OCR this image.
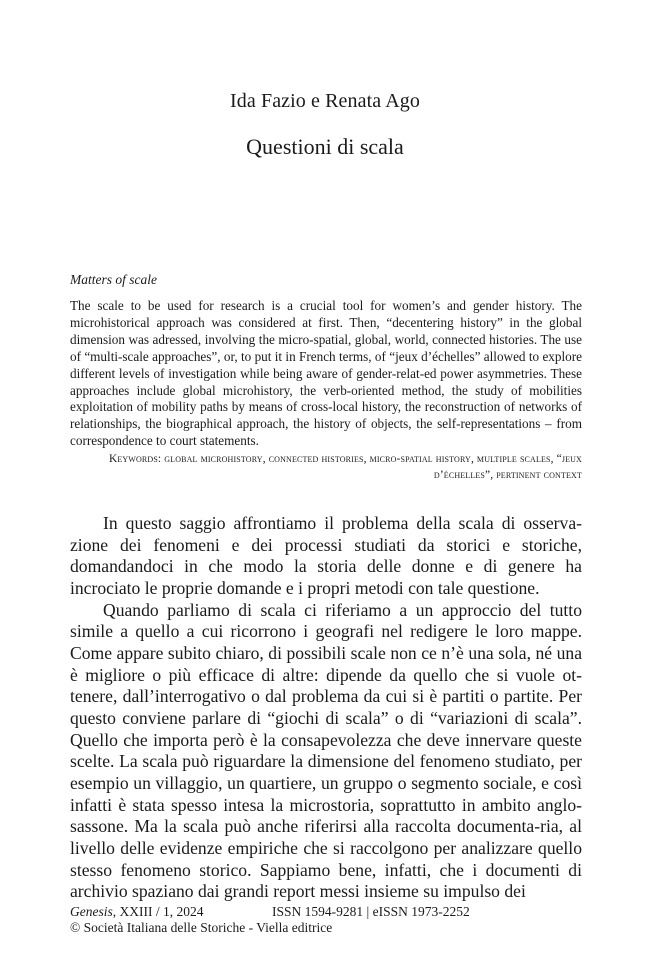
Ida Fazio e Renata Ago
Questioni di scala
Matters of scale

The scale to be used for research is a crucial tool for women’s and gender history. The microhistorical approach was considered at first. Then, “decentering history” in the global dimension was adressed, involving the micro-spatial, global, world, connected histories. The use of “multi-scale approaches”, or, to put it in French terms, of “jeux d’échelles” allowed to explore different levels of investigation while being aware of gender-relat-ed power asymmetries. These approaches include global microhistory, the verb-oriented method, the study of mobilities exploitation of mobility paths by means of cross-local history, the reconstruction of networks of relationships, the biographical approach, the history of objects, the self-representations – from correspondence to court statements.

Keywords: global microhistory, connected histories, micro-spatial history, multiple scales, “jeux d’échelles”, pertinent context

In questo saggio affrontiamo il problema della scala di osserva-zione dei fenomeni e dei processi studiati da storici e storiche, domandandoci in che modo la storia delle donne e di genere ha incrociato le proprie domande e i propri metodi con tale questione.

Quando parliamo di scala ci riferiamo a un approccio del tutto simile a quello a cui ricorrono i geografi nel redigere le loro mappe. Come appare subito chiaro, di possibili scale non ce n’è una sola, né una è migliore o più efficace di altre: dipende da quello che si vuole ot-tenere, dall’interrogativo o dal problema da cui si è partiti o partite. Per questo conviene parlare di “giochi di scala” o di “variazioni di scala”. Quello che importa però è la consapevolezza che deve innervare queste scelte. La scala può riguardare la dimensione del fenomeno studiato, per esempio un villaggio, un quartiere, un gruppo o segmento sociale, e così infatti è stata spesso intesa la microstoria, soprattutto in ambito anglo-sassone. Ma la scala può anche riferirsi alla raccolta documenta-ria, al livello delle evidenze empiriche che si raccolgono per analizzare quello stesso fenomeno storico. Sappiamo bene, infatti, che i documenti di archivio spaziano dai grandi report messi insieme su impulso dei

Genesis, XXIII / 1, 2024	ISSN 1594-9281 | eISSN 1973-2252
© Società Italiana delle Storiche - Viella editrice
